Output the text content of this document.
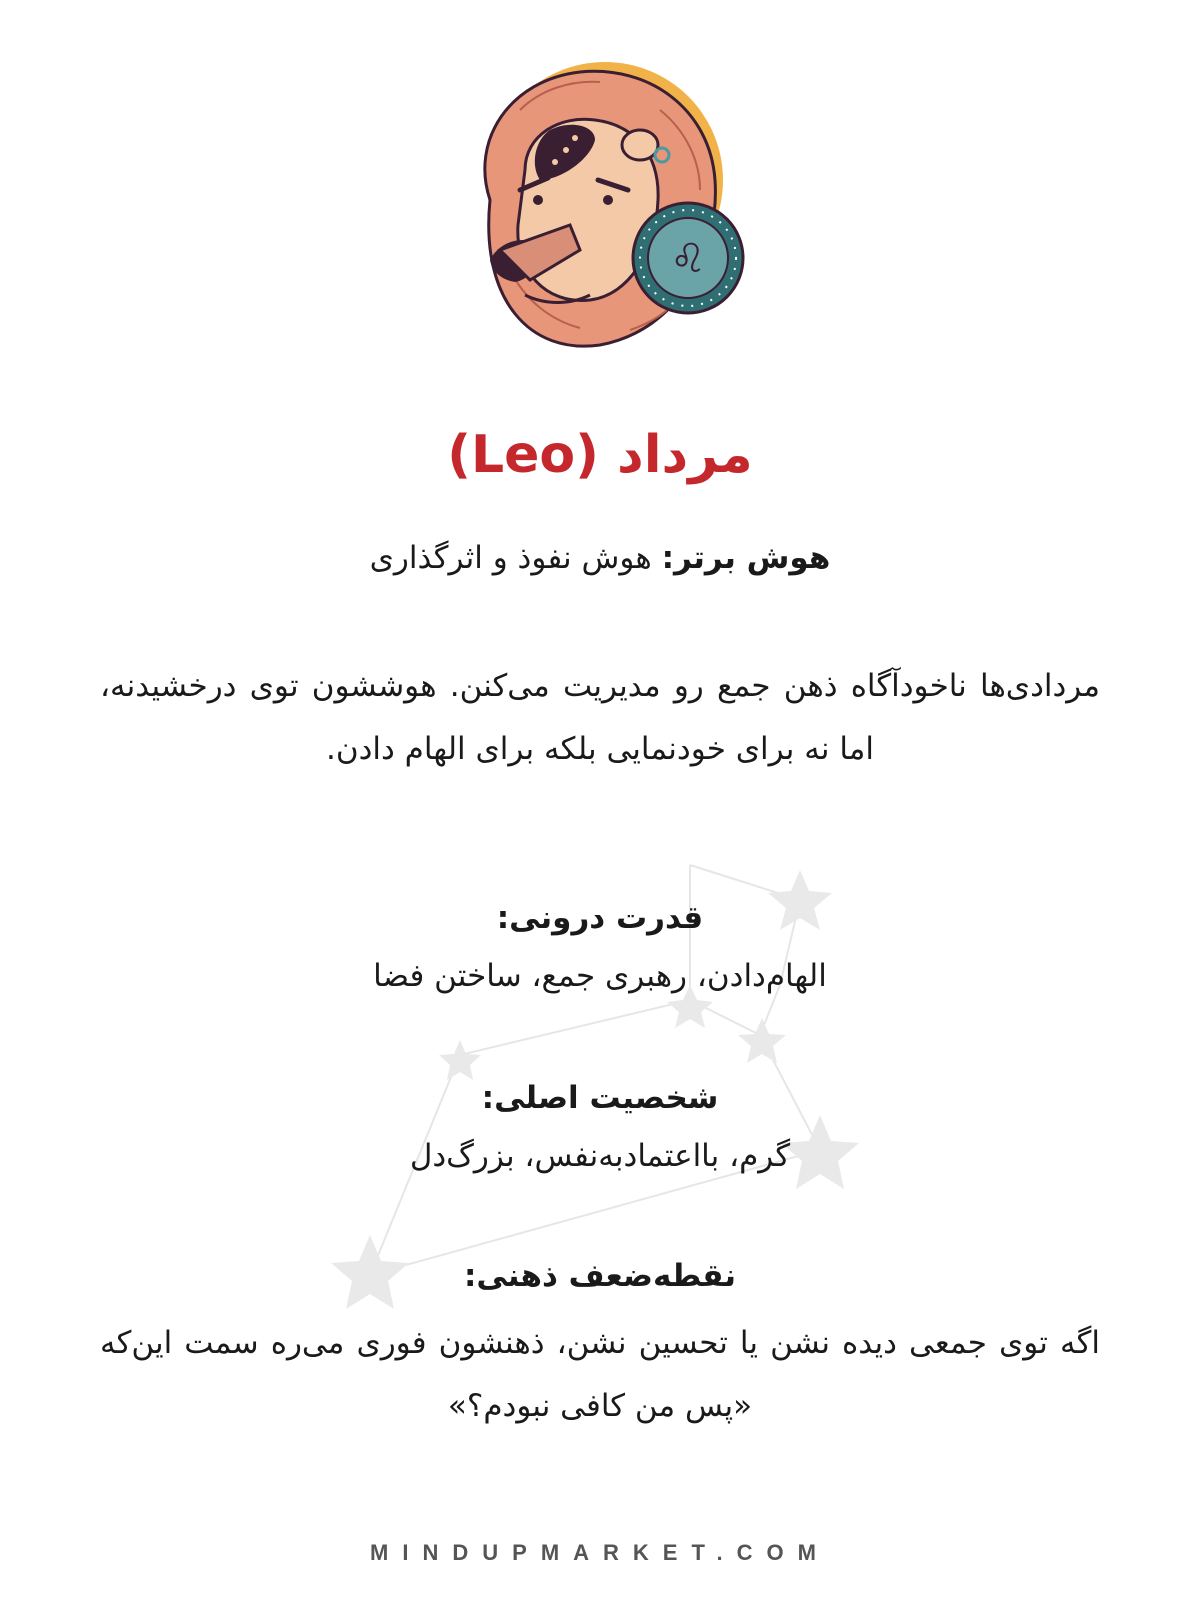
♌
مرداد (Leo)
هوش برتر: هوش نفوذ و اثرگذاری
مردادی‌ها ناخودآگاه ذهن جمع رو مدیریت می‌کنن. هوششون توی درخشیدنه، اما نه برای خودنمایی بلکه برای الهام دادن.
قدرت درونی:
الهام‌دادن، رهبری جمع، ساختن فضا
شخصیت اصلی:
گرم، بااعتمادبه‌نفس، بزرگ‌دل
نقطه‌ضعف ذهنی:
اگه توی جمعی دیده نشن یا تحسین نشن، ذهنشون فوری می‌ره سمت این‌که «پس من کافی نبودم؟»
MINDUPMARKET.COM
